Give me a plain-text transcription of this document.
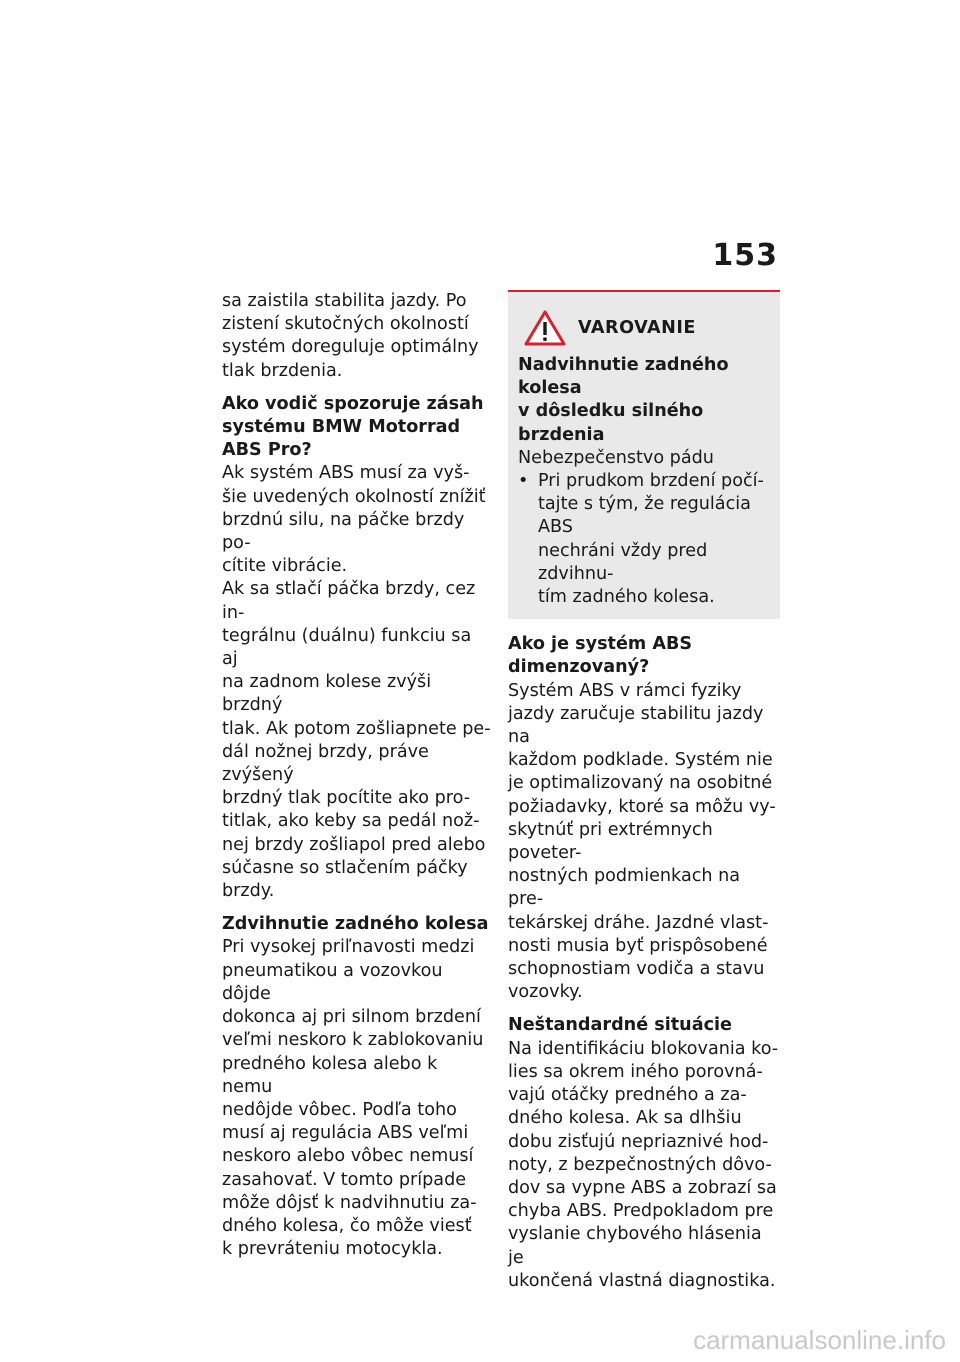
153

sa zaistila stabilita jazdy. Po
zistení skutočných okolností
systém doreguluje optimálny
tlak brzdenia.

Ako vodič spozoruje zásah
systému BMW Motorrad
ABS Pro?

Ak systém ABS musí za vyš-
šie uvedených okolností znížiť
brzdnú silu, na páčke brzdy po-
cítite vibrácie.

Ak sa stlačí páčka brzdy, cez in-
tegrálnu (duálnu) funkciu sa aj
na zadnom kolese zvýši brzdný
tlak. Ak potom zošliapnete pe-
dál nožnej brzdy, práve zvýšený
brzdný tlak pocítite ako pro-
titlak, ako keby sa pedál nož-
nej brzdy zošliapol pred alebo
súčasne so stlačením páčky
brzdy.

Zdvihnutie zadného kolesa

Pri vysokej priľnavosti medzi
pneumatikou a vozovkou dôjde
dokonca aj pri silnom brzdení
veľmi neskoro k zablokovaniu
predného kolesa alebo k nemu
nedôjde vôbec. Podľa toho
musí aj regulácia ABS veľmi
neskoro alebo vôbec nemusí
zasahovať. V tomto prípade
môže dôjsť k nadvihnutiu za-
dného kolesa, čo môže viesť
k prevráteniu motocykla.

VAROVANIE

Nadvihnutie zadného kolesa
v dôsledku silného brzdenia

Nebezpečenstvo pádu

• Pri prudkom brzdení počí-
tajte s tým, že regulácia ABS
nechráni vždy pred zdvihnu-
tím zadného kolesa.
Ako je systém ABS
dimenzovaný?

Systém ABS v rámci fyziky
jazdy zaručuje stabilitu jazdy na
každom podklade. Systém nie
je optimalizovaný na osobitné
požiadavky, ktoré sa môžu vy-
skytnúť pri extrémnych poveter-
nostných podmienkach na pre-
tekárskej dráhe. Jazdné vlast-
nosti musia byť prispôsobené
schopnostiam vodiča a stavu
vozovky.

Neštandardné situácie

Na identifikáciu blokovania ko-
lies sa okrem iného porovná-
vajú otáčky predného a za-
dného kolesa. Ak sa dlhšiu
dobu zisťujú nepriaznivé hod-
noty, z bezpečnostných dôvo-
dov sa vypne ABS a zobrazí sa
chyba ABS. Predpokladom pre
vyslanie chybového hlásenia je
ukončená vlastná diagnostika.

carmanualsonline.info
